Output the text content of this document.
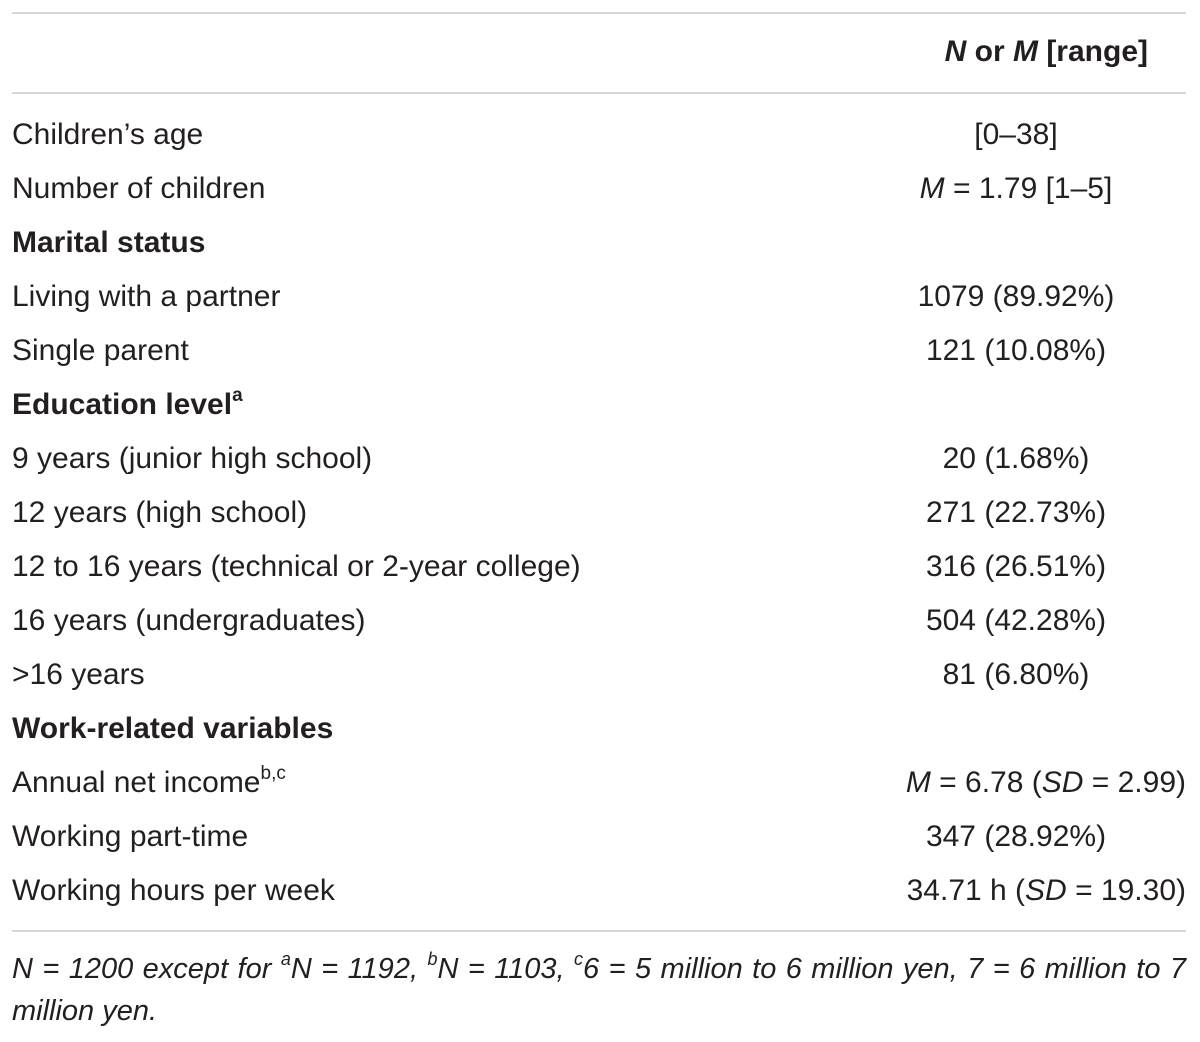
N or M [range]
Children’s age	[0–38]
Number of children	M = 1.79 [1–5]
Marital status
Living with a partner	1079 (89.92%)
Single parent	121 (10.08%)
Education level$^a$
9 years (junior high school)	20 (1.68%)
12 years (high school)	271 (22.73%)
12 to 16 years (technical or 2-year college)	316 (26.51%)
16 years (undergraduates)	504 (42.28%)
>16 years	81 (6.80%)
Work-related variables
Annual net income$^{b,c}$	M = 6.78 (SD = 2.99)
Working part-time	347 (28.92%)
Working hours per week	34.71 h (SD = 19.30)
N = 1200 except for $^a$N = 1192, $^b$N = 1103, $^c$6 = 5 million to 6 million yen, 7 = 6 million to 7 million yen.
